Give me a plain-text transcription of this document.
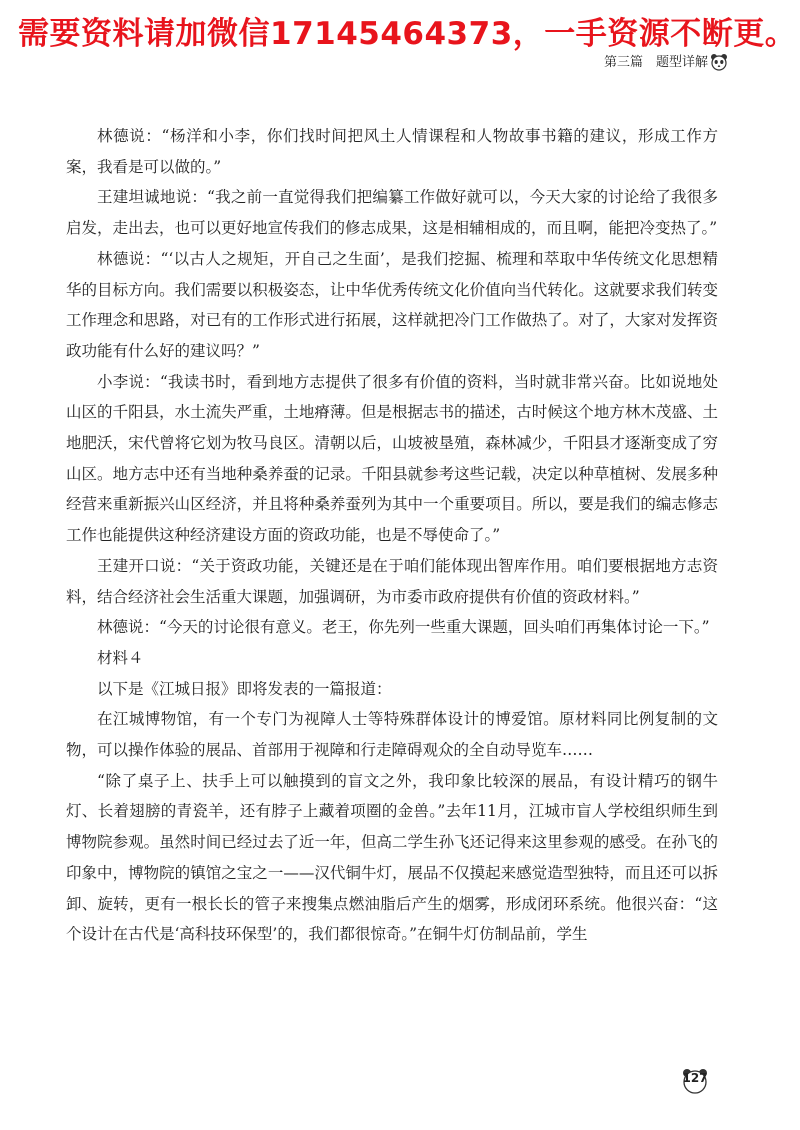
需要资料请加微信17145464373，一手资源不断更。
第三篇　题型详解

林德说：“杨洋和小李，你们找时间把风土人情课程和人物故事书籍的建议，形成工作方案，我看是可以做的。”

王建坦诚地说：“我之前一直觉得我们把编纂工作做好就可以，今天大家的讨论给了我很多启发，走出去，也可以更好地宣传我们的修志成果，这是相辅相成的，而且啊，能把冷变热了。”

林德说：“‘以古人之规矩，开自己之生面’，是我们挖掘、梳理和萃取中华传统文化思想精华的目标方向。我们需要以积极姿态，让中华优秀传统文化价值向当代转化。这就要求我们转变工作理念和思路，对已有的工作形式进行拓展，这样就把冷门工作做热了。对了，大家对发挥资政功能有什么好的建议吗？”

小李说：“我读书时，看到地方志提供了很多有价值的资料，当时就非常兴奋。比如说地处山区的千阳县，水土流失严重，土地瘠薄。但是根据志书的描述，古时候这个地方林木茂盛、土地肥沃，宋代曾将它划为牧马良区。清朝以后，山坡被垦殖，森林减少，千阳县才逐渐变成了穷山区。地方志中还有当地种桑养蚕的记录。千阳县就参考这些记载，决定以种草植树、发展多种经营来重新振兴山区经济，并且将种桑养蚕列为其中一个重要项目。所以，要是我们的编志修志工作也能提供这种经济建设方面的资政功能，也是不辱使命了。”

王建开口说：“关于资政功能，关键还是在于咱们能体现出智库作用。咱们要根据地方志资料，结合经济社会生活重大课题，加强调研，为市委市政府提供有价值的资政材料。”

林德说：“今天的讨论很有意义。老王，你先列一些重大课题，回头咱们再集体讨论一下。”

材料４

以下是《江城日报》即将发表的一篇报道：

在江城博物馆，有一个专门为视障人士等特殊群体设计的博爱馆。原材料同比例复制的文物，可以操作体验的展品、首部用于视障和行走障碍观众的全自动导览车……

“除了桌子上、扶手上可以触摸到的盲文之外，我印象比较深的展品，有设计精巧的钢牛灯、长着翅膀的青瓷羊，还有脖子上藏着项圈的金兽。”去年11月，江城市盲人学校组织师生到博物院参观。虽然时间已经过去了近一年，但高二学生孙飞还记得来这里参观的感受。在孙飞的印象中，博物院的镇馆之宝之一——汉代铜牛灯，展品不仅摸起来感觉造型独特，而且还可以拆卸、旋转，更有一根长长的管子来搜集点燃油脂后产生的烟雾，形成闭环系统。他很兴奋：“这个设计在古代是‘高科技环保型’的，我们都很惊奇。”在铜牛灯仿制品前，学生

127
